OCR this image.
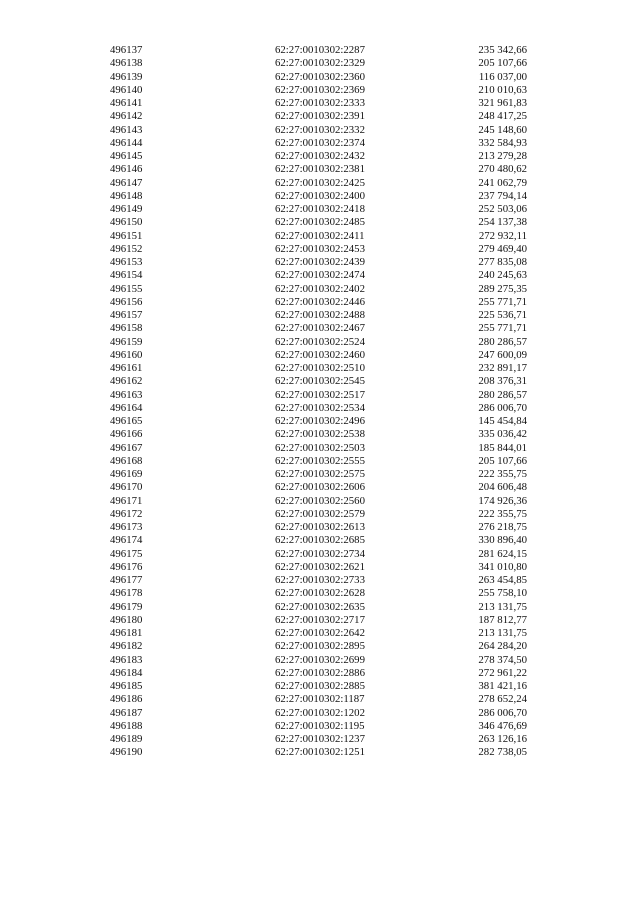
496137	62:27:0010302:2287	235 342,66
496138	62:27:0010302:2329	205 107,66
496139	62:27:0010302:2360	116 037,00
496140	62:27:0010302:2369	210 010,63
496141	62:27:0010302:2333	321 961,83
496142	62:27:0010302:2391	248 417,25
496143	62:27:0010302:2332	245 148,60
496144	62:27:0010302:2374	332 584,93
496145	62:27:0010302:2432	213 279,28
496146	62:27:0010302:2381	270 480,62
496147	62:27:0010302:2425	241 062,79
496148	62:27:0010302:2400	237 794,14
496149	62:27:0010302:2418	252 503,06
496150	62:27:0010302:2485	254 137,38
496151	62:27:0010302:2411	272 932,11
496152	62:27:0010302:2453	279 469,40
496153	62:27:0010302:2439	277 835,08
496154	62:27:0010302:2474	240 245,63
496155	62:27:0010302:2402	289 275,35
496156	62:27:0010302:2446	255 771,71
496157	62:27:0010302:2488	225 536,71
496158	62:27:0010302:2467	255 771,71
496159	62:27:0010302:2524	280 286,57
496160	62:27:0010302:2460	247 600,09
496161	62:27:0010302:2510	232 891,17
496162	62:27:0010302:2545	208 376,31
496163	62:27:0010302:2517	280 286,57
496164	62:27:0010302:2534	286 006,70
496165	62:27:0010302:2496	145 454,84
496166	62:27:0010302:2538	335 036,42
496167	62:27:0010302:2503	185 844,01
496168	62:27:0010302:2555	205 107,66
496169	62:27:0010302:2575	222 355,75
496170	62:27:0010302:2606	204 606,48
496171	62:27:0010302:2560	174 926,36
496172	62:27:0010302:2579	222 355,75
496173	62:27:0010302:2613	276 218,75
496174	62:27:0010302:2685	330 896,40
496175	62:27:0010302:2734	281 624,15
496176	62:27:0010302:2621	341 010,80
496177	62:27:0010302:2733	263 454,85
496178	62:27:0010302:2628	255 758,10
496179	62:27:0010302:2635	213 131,75
496180	62:27:0010302:2717	187 812,77
496181	62:27:0010302:2642	213 131,75
496182	62:27:0010302:2895	264 284,20
496183	62:27:0010302:2699	278 374,50
496184	62:27:0010302:2886	272 961,22
496185	62:27:0010302:2885	381 421,16
496186	62:27:0010302:1187	278 652,24
496187	62:27:0010302:1202	286 006,70
496188	62:27:0010302:1195	346 476,69
496189	62:27:0010302:1237	263 126,16
496190	62:27:0010302:1251	282 738,05
